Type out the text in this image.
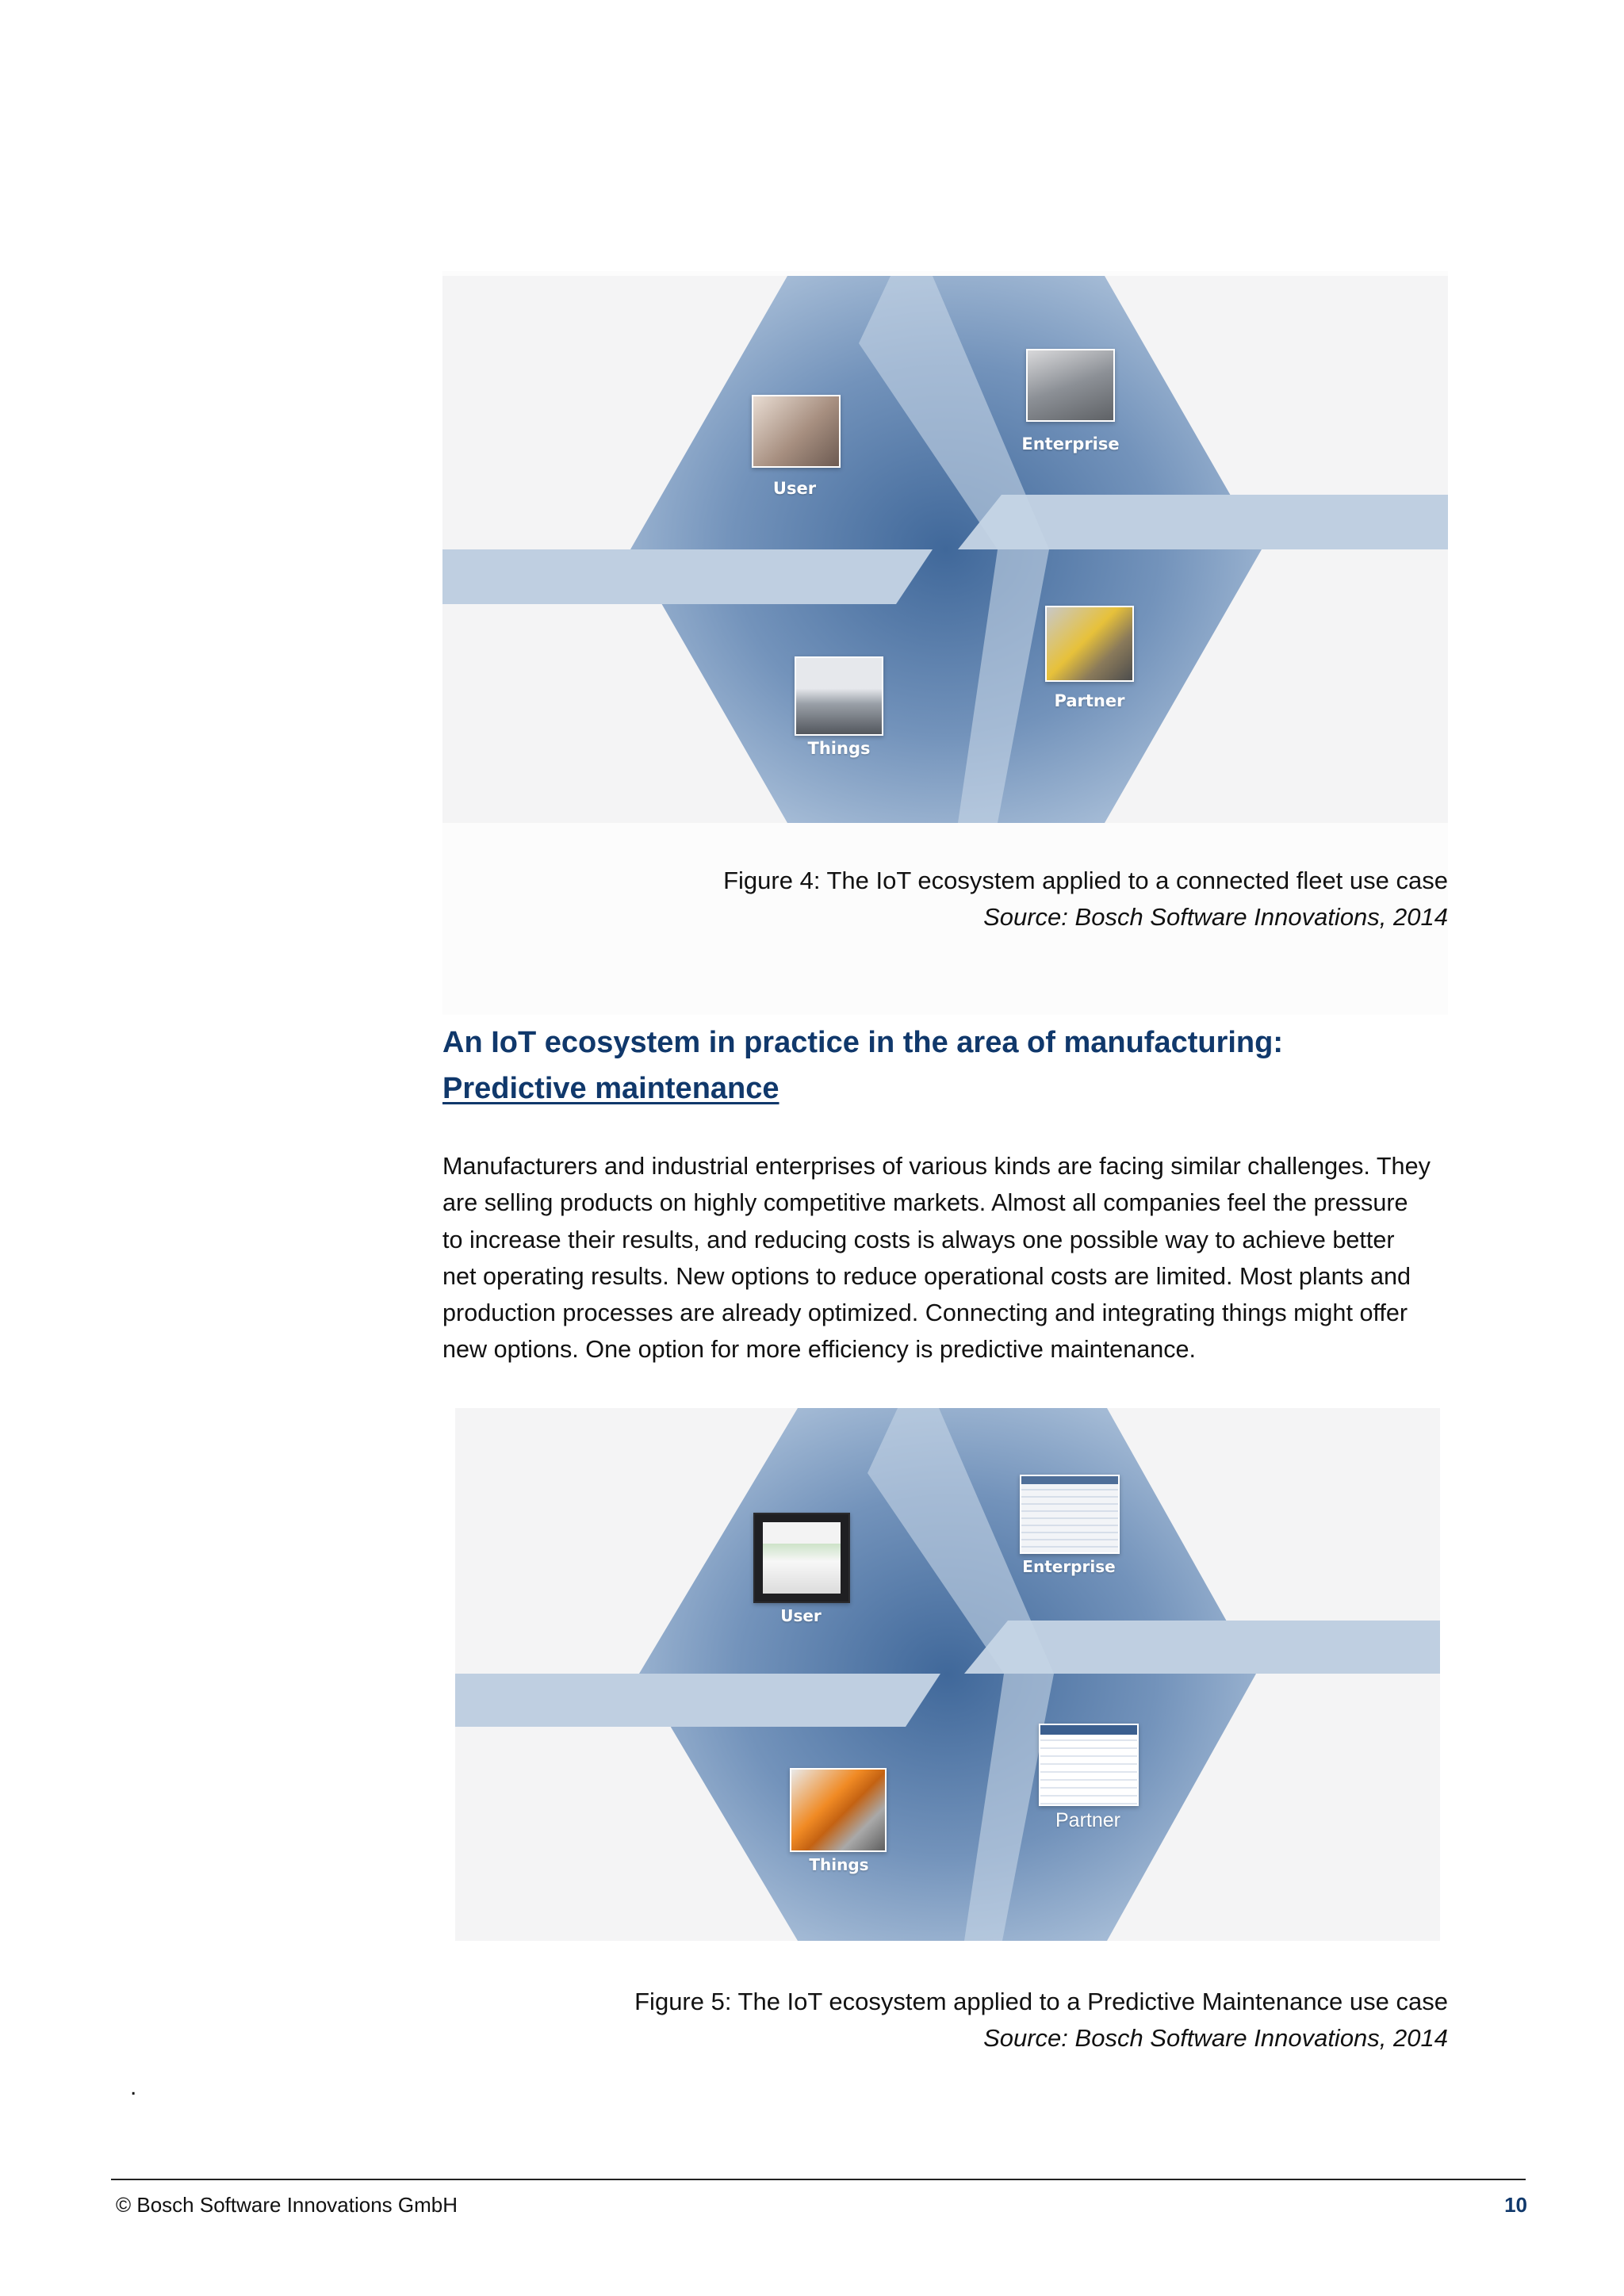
User
Enterprise
Things
Partner
Figure 4: The IoT ecosystem applied to a connected fleet use case
Source: Bosch Software Innovations, 2014
An IoT ecosystem in practice in the area of manufacturing:
Predictive maintenance
Manufacturers and industrial enterprises of various kinds are facing similar challenges. They
are selling products on highly competitive markets. Almost all companies feel the pressure
to increase their results, and reducing costs is always one possible way to achieve better
net operating results. New options to reduce operational costs are limited. Most plants and
production processes are already optimized. Connecting and integrating things might offer
new options. One option for more efficiency is predictive maintenance.
User
Enterprise
Things
Partner
Figure 5: The IoT ecosystem applied to a Predictive Maintenance use case
Source: Bosch Software Innovations, 2014
.
© Bosch Software Innovations GmbH	10
